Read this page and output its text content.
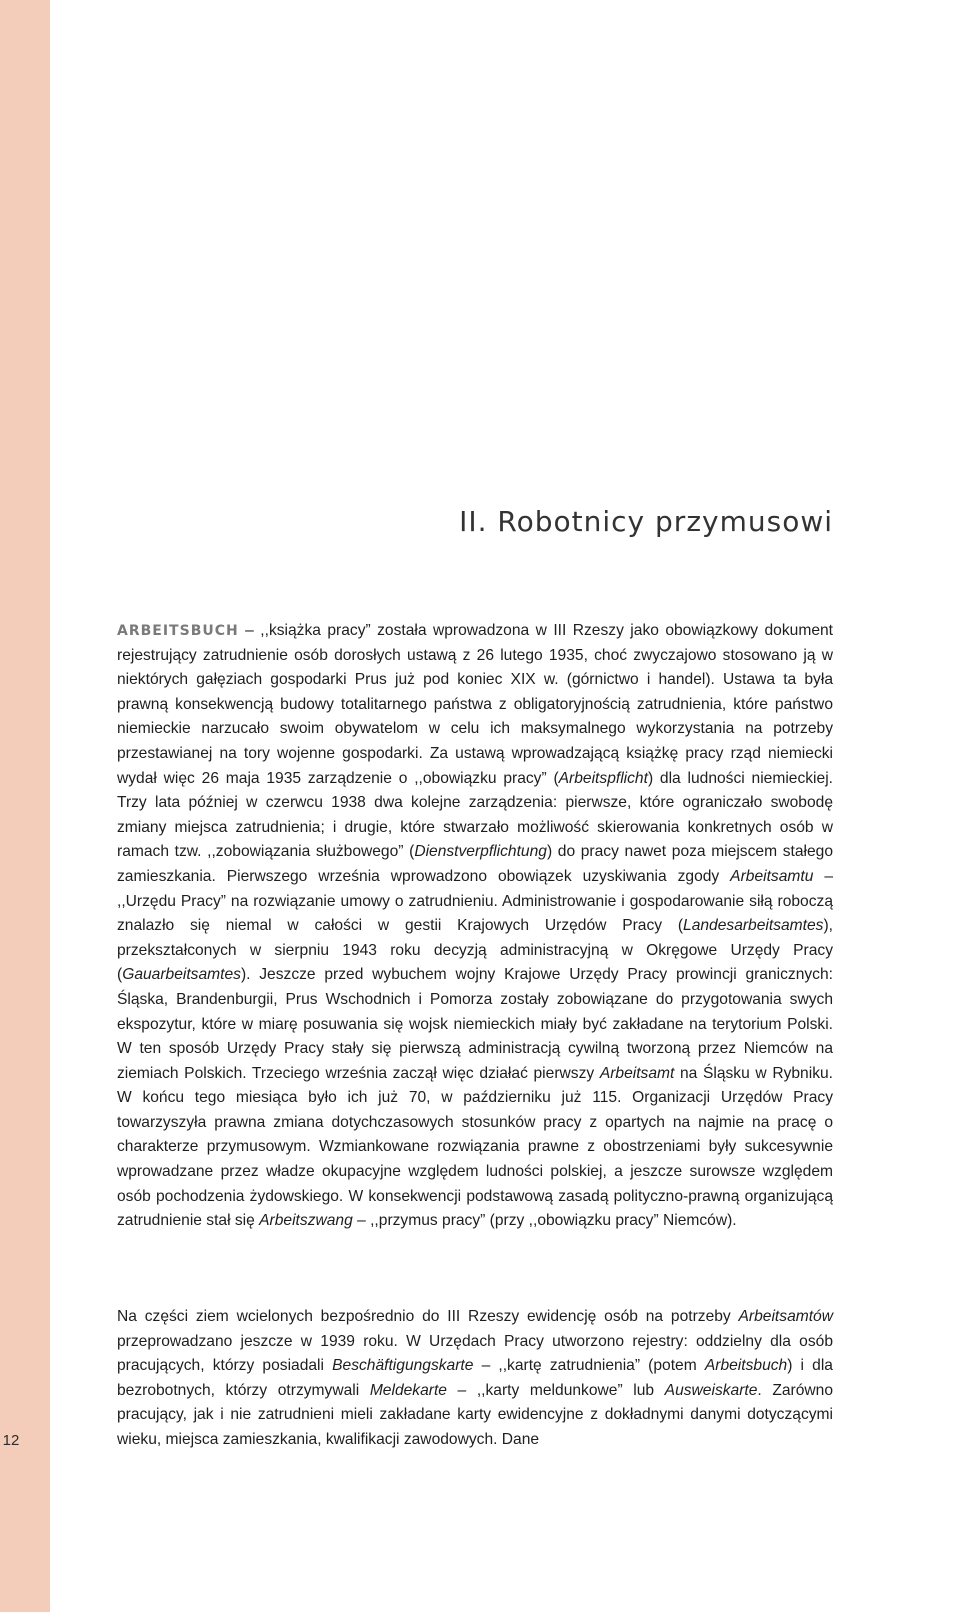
12
II. Robotnicy przymusowi

ARBEITSBUCH – ,,książka pracy” została wprowadzona w III Rzeszy jako obowiązkowy dokument rejestrujący zatrudnienie osób dorosłych ustawą z 26 lutego 1935, choć zwyczajowo stosowano ją w niektórych gałęziach gospodarki Prus już pod koniec XIX w. (górnictwo i handel). Ustawa ta była prawną konsekwencją budowy totalitarnego państwa z obligatoryjnością zatrudnienia, które państwo niemieckie narzucało swoim obywatelom w celu ich maksymalnego wykorzystania na potrzeby przestawianej na tory wojenne gospodarki. Za ustawą wprowadzającą książkę pracy rząd niemiecki wydał więc 26 maja 1935 zarządzenie o ,,obowiązku pracy” (Arbeitspflicht) dla ludności niemieckiej. Trzy lata później w czerwcu 1938 dwa kolejne zarządzenia: pierwsze, które ograniczało swobodę zmiany miejsca zatrudnienia; i drugie, które stwarzało możliwość skierowania konkretnych osób w ramach tzw. ,,zobowiązania służbowego” (Dienstverpflichtung) do pracy nawet poza miejscem stałego zamieszkania. Pierwszego września wprowadzono obowiązek uzyskiwania zgody Arbeitsamtu – ,,Urzędu Pracy” na rozwiązanie umowy o zatrudnieniu. Administrowanie i gospodarowanie siłą roboczą znalazło się niemal w całości w gestii Krajowych Urzędów Pracy (Landesarbeitsamtes), przekształconych w sierpniu 1943 roku decyzją administracyjną w Okręgowe Urzędy Pracy (Gauarbeitsamtes). Jeszcze przed wybuchem wojny Krajowe Urzędy Pracy prowincji granicznych: Śląska, Brandenburgii, Prus Wschodnich i Pomorza zostały zobowiązane do przygotowania swych ekspozytur, które w miarę posuwania się wojsk niemieckich miały być zakładane na terytorium Polski. W ten sposób Urzędy Pracy stały się pierwszą administracją cywilną tworzoną przez Niemców na ziemiach Polskich. Trzeciego września zaczął więc działać pierwszy Arbeitsamt na Śląsku w Rybniku. W końcu tego miesiąca było ich już 70, w październiku już 115. Organizacji Urzędów Pracy towarzyszyła prawna zmiana dotychczasowych stosunków pracy z opartych na najmie na pracę o charakterze przymusowym. Wzmiankowane rozwiązania prawne z obostrzeniami były sukcesywnie wprowadzane przez władze okupacyjne względem ludności polskiej, a jeszcze surowsze względem osób pochodzenia żydowskiego. W konsekwencji podstawową zasadą polityczno-prawną organizującą zatrudnienie stał się Arbeitszwang – ,,przymus pracy” (przy ,,obowiązku pracy” Niemców).

Na części ziem wcielonych bezpośrednio do III Rzeszy ewidencję osób na potrzeby Arbeitsamtów przeprowadzano jeszcze w 1939 roku. W Urzędach Pracy utworzono rejestry: oddzielny dla osób pracujących, którzy posiadali Beschäftigungskarte – ,,kartę zatrudnienia” (potem Arbeitsbuch) i dla bezrobotnych, którzy otrzymywali Meldekarte – ,,karty meldunkowe” lub Ausweiskarte. Zarówno pracujący, jak i nie zatrudnieni mieli zakładane karty ewidencyjne z dokładnymi danymi dotyczącymi wieku, miejsca zamieszkania, kwalifikacji zawodowych. Dane
